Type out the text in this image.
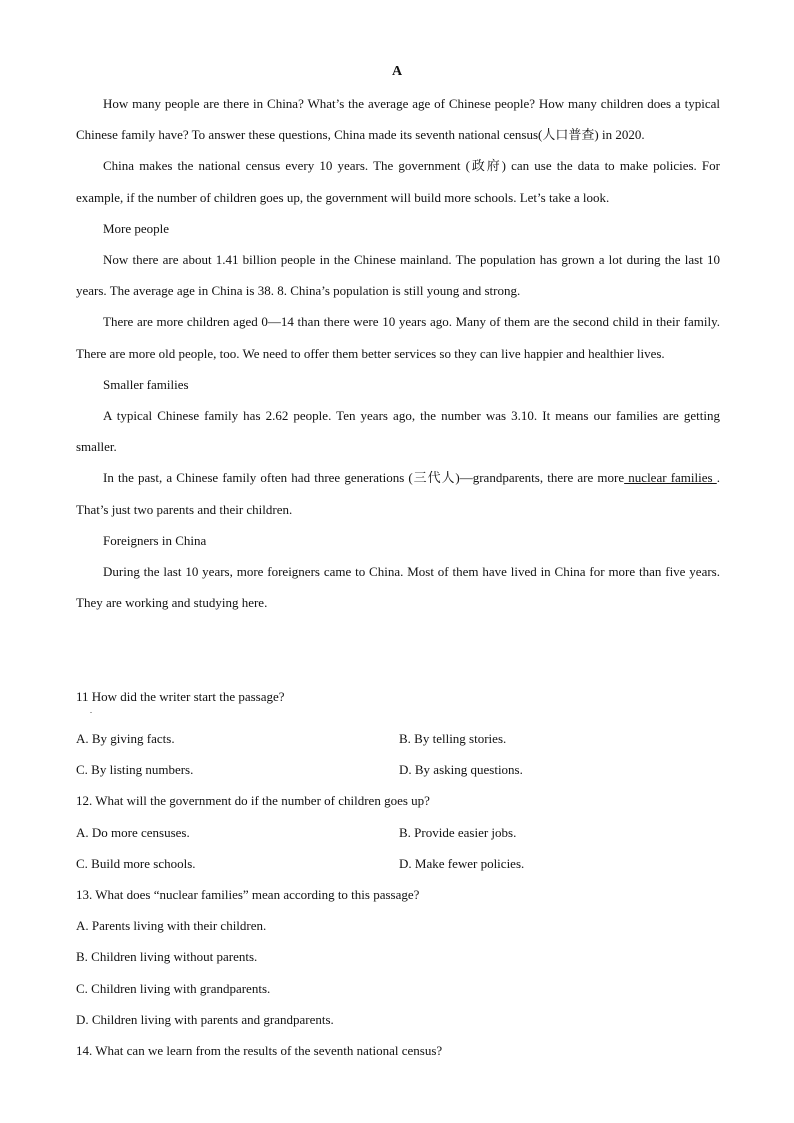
A

How many people are there in China? What’s the average age of Chinese people? How many children does a typical Chinese family have? To answer these questions, China made its seventh national census(人口普查) in 2020.

China makes the national census every 10 years. The government (政府) can use the data to make policies. For example, if the number of children goes up, the government will build more schools. Let’s take a look.

More people

Now there are about 1.41 billion people in the Chinese mainland. The population has grown a lot during the last 10 years. The average age in China is 38. 8. China’s population is still young and strong.

There are more children aged 0—14 than there were 10 years ago. Many of them are the second child in their family. There are more old people, too. We need to offer them better services so they can live happier and healthier lives.

Smaller families

A typical Chinese family has 2.62 people. Ten years ago, the number was 3.10. It means our families are getting smaller.

In the past, a Chinese family often had three generations (三代人)—grandparents, there are more nuclear families . That’s just two parents and their children.

Foreigners in China

During the last 10 years, more foreigners came to China. Most of them have lived in China for more than five years. They are working and studying here.

11 How did the writer start the passage?
.
A. By giving facts.	B. By telling stories.
C. By listing numbers.	D. By asking questions.
12. What will the government do if the number of children goes up?
A. Do more censuses.	B. Provide easier jobs.
C. Build more schools.	D. Make fewer policies.
13. What does “nuclear families” mean according to this passage?
A. Parents living with their children.
B. Children living without parents.
C. Children living with grandparents.
D. Children living with parents and grandparents.
14. What can we learn from the results of the seventh national census?
